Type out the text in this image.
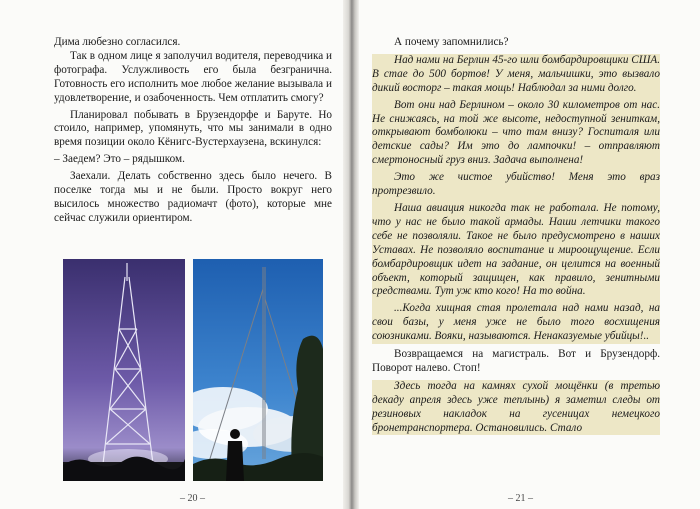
Дима любезно согласился.

Так в одном лице я заполучил водителя, переводчика и фотографа. Услужливость его была безгранична. Готовность его исполнить мое любое желание вызывала и удовлетворение, и озабоченность. Чем отплатить смогу?

Планировал побывать в Брузендорфе и Баруте. Но стоило, например, упомянуть, что мы занимали в одно время позиции около Кёнигс-Вустерхаузена, вскинулся:

– Заедем? Это – рядышком.

Заехали. Делать собственно здесь было нечего. В поселке тогда мы и не были. Просто вокруг него высилось множество радиомачт (фото), которые мне сейчас служили ориентиром.

– 20 –

А почему запомнились?

Над нами на Берлин 45-го шли бомбардировщики США. В стае до 500 бортов! У меня, мальчишки, это вызвало дикий восторг – такая мощь! Наблюдал за ними долго.

Вот они над Берлином – около 30 километров от нас. Не снижаясь, на той же высоте, недоступной зениткам, открывают бомболюки – что там внизу? Госпиталя или детские сады? Им это до лампочки! – отправляют смертоносный груз вниз. Задача выполнена!

Это же чистое убийство! Меня это враз протрезвило.

Наша авиация никогда так не работала. Не потому, что у нас не было такой армады. Наши летчики такого себе не позволяли. Такое не было предусмотрено в наших Уставах. Не позволяло воспитание и мироощущение. Если бомбардировщик идет на задание, он целится на военный объект, который защищен, как правило, зенитными средствами. Тут уж кто кого! На то война.

...Когда хищная стая пролетала над нами назад, на свои базы, у меня уже не было того восхищения союзниками. Вояки, называются. Ненаказуемые убийцы!..

Возвращаемся на магистраль. Вот и Брузендорф. Поворот налево. Стоп!

Здесь тогда на камнях сухой мощёнки (в третью декаду апреля здесь уже теплынь) я заметил следы от резиновых накладок на гусеницах немецкого бронетранспортера. Остановились. Стало

– 21 –
